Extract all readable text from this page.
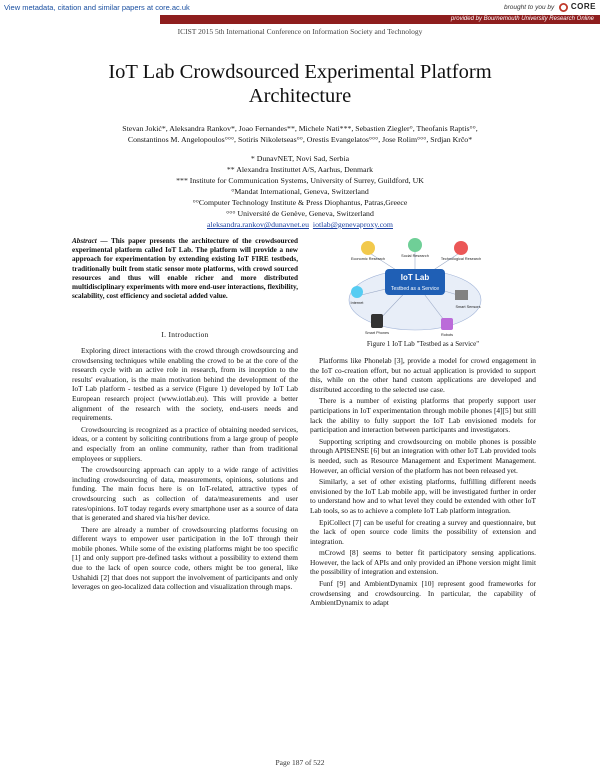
View metadata, citation and similar papers at core.ac.uk	brought to you by CORE
provided by Bournemouth University Research Online
ICIST 2015 5th International Conference on Information Society and Technology
IoT Lab Crowdsourced Experimental Platform Architecture
Stevan Jokić*, Aleksandra Rankov*, Joao Fernandes**, Michele Nati***, Sebastien Ziegler°, Theofanis Raptis°°,
Constantinos M. Angelopoulos°°°, Sotiris Nikoletseas°°, Orestis Evangelatos°°°, Jose Rolim°°°, Srdjan Krčo*
* DunavNET, Novi Sad, Serbia
** Alexandra Instituttet A/S, Aarhus, Denmark
*** Institute for Communication Systems, University of Surrey, Guildford, UK
°Mandat International, Geneva, Switzerland
°°Computer Technology Institute & Press Diophantus, Patras,Greece
°°° Université de Genève, Geneva, Switzerland
aleksandra.rankov@dunavnet.eu iotlab@genevaproxy.com
Abstract — This paper presents the architecture of the crowdsourced experimental platform called IoT Lab. The platform will provide a new approach for experimentation by extending existing IoT FIRE testbeds, traditionally built from static sensor mote platforms, with crowd sourced resources and thus will enable richer and more distributed multidisciplinary experiments with more end-user interactions, flexibility, scalability, cost efficiency and societal added value.
I. Introduction

Exploring direct interactions with the crowd through crowdsourcing and crowdsensing techniques while enabling the crowd to be at the core of the research cycle with an active role in research, from its inception to the results' evaluation, is the main motivation behind the development of the IoT Lab platform - testbed as a service (Figure 1) developed by IoT Lab European research project (www.iotlab.eu). This will provide a better alignment of the research with the society, end-users needs and requirements.

Crowdsourcing is recognized as a practice of obtaining needed services, ideas, or a content by soliciting contributions from a large group of people and especially from an online community, rather than from traditional employees or suppliers.

The crowdsourcing approach can apply to a wide range of activities including crowdsourcing of data, measurements, opinions, solutions and funding. The main focus here is on IoT-related, attractive types of crowdsourcing such as collection of data/measurements and user rates/opinions. IoT today regards every smartphone user as a source of data that is generated and shared via his/her device.

There are already a number of crowdsourcing platforms focusing on different ways to empower user participation in the IoT through their mobile phones. While some of the existing platforms might be too specific [1] and only support pre-defined tasks without a possibility to extend them due to the lack of open source code, others might be too general, like Ushahidi [2] that does not support the involvement of participants and only leverages on geo-localized data collection and visualization through maps.

IoT Lab
Testbed as a Service
Economic Research
Social Research
Technological Research
Internet
Smart Phones
Smart Sensors
Robots
Figure 1 IoT Lab "Testbed as a Service"

Platforms like Phonelab [3], provide a model for crowd engagement in the IoT co-creation effort, but no actual application is provided to support this, while on the other hand custom applications are developed and distributed according to the selected use case.

There is a number of existing platforms that properly support user participations in IoT experimentation through mobile phones [4][5] but still lack the ability to fully support the IoT Lab envisioned models for participation and interaction between participants and investigators.

Supporting scripting and crowdsourcing on mobile phones is possible through APISENSE [6] but an integration with other IoT Lab provided tools is needed, such as Resource Management and Experiment Management. However, an official version of the platform has not been released yet.

Similarly, a set of other existing platforms, fulfilling different needs envisioned by the IoT Lab mobile app, will be investigated further in order to understand how and to what level they could be extended with other IoT Lab tools, so as to achieve a complete IoT Lab platform integration.

EpiCollect [7] can be useful for creating a survey and questionnaire, but the lack of open source code limits the possibility of extension and integration.

mCrowd [8] seems to better fit participatory sensing applications. However, the lack of APIs and only provided an iPhone version might limit the possibility of integration and extension.

Funf [9] and AmbientDynamix [10] represent good frameworks for crowdsensing and crowdsourcing. In particular, the capability of AmbientDynamix to adapt

Page 187 of 522
